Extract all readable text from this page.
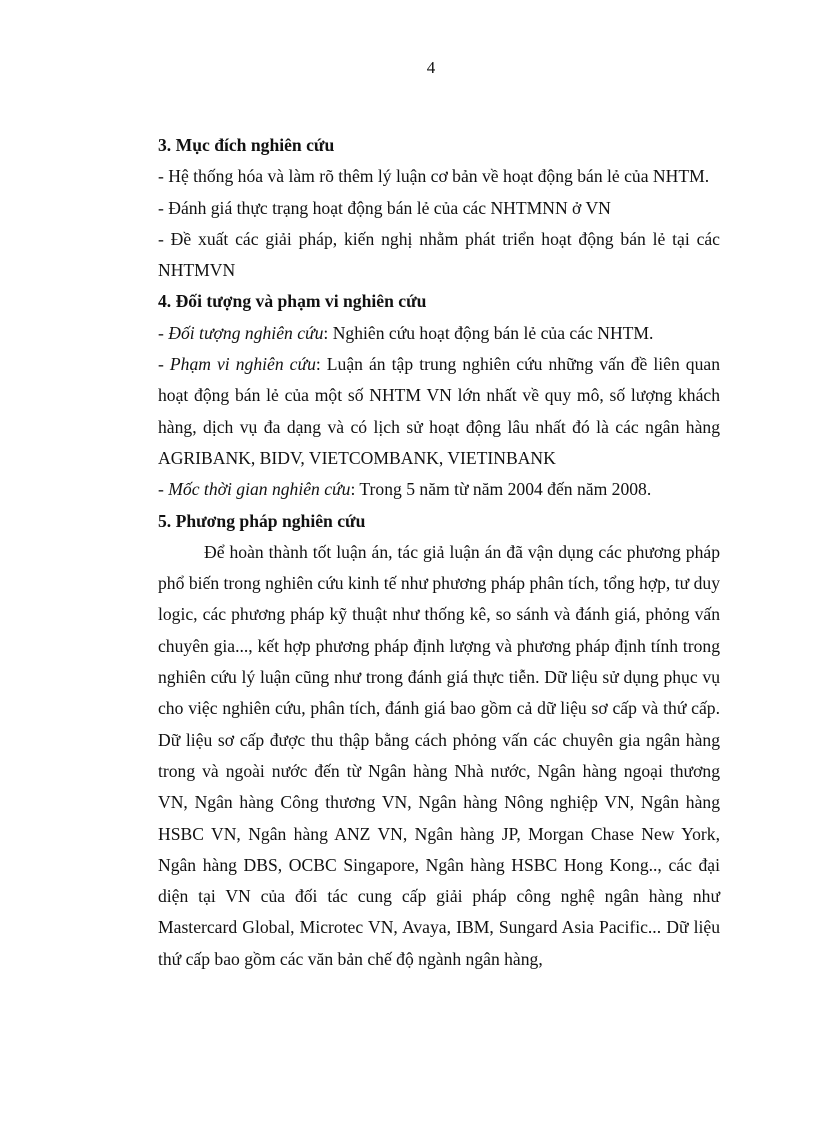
4

3. Mục đích nghiên cứu

- Hệ thống hóa và làm rõ thêm lý luận cơ bản về hoạt động bán lẻ của NHTM.

- Đánh giá thực trạng hoạt động bán lẻ của các NHTMNN ở VN

- Đề xuất các giải pháp, kiến nghị nhằm phát triển hoạt động bán lẻ tại các NHTMVN

4. Đối tượng và phạm vi nghiên cứu

- Đối tượng nghiên cứu: Nghiên cứu hoạt động bán lẻ của các NHTM.

- Phạm vi nghiên cứu: Luận án tập trung nghiên cứu những vấn đề liên quan hoạt động bán lẻ của một số NHTM VN lớn nhất về quy mô, số lượng khách hàng, dịch vụ đa dạng và có lịch sử hoạt động lâu nhất đó là các ngân hàng AGRIBANK, BIDV, VIETCOMBANK, VIETINBANK

- Mốc thời gian nghiên cứu: Trong 5 năm từ năm 2004 đến năm 2008.

5. Phương pháp nghiên cứu

Để hoàn thành tốt luận án, tác giả luận án đã vận dụng các phương pháp phổ biến trong nghiên cứu kinh tế như phương pháp phân tích, tổng hợp, tư duy logic, các phương pháp kỹ thuật như thống kê, so sánh và đánh giá, phỏng vấn chuyên gia..., kết hợp phương pháp định lượng và phương pháp định tính trong nghiên cứu lý luận cũng như trong đánh giá thực tiễn. Dữ liệu sử dụng phục vụ cho việc nghiên cứu, phân tích, đánh giá bao gồm cả dữ liệu sơ cấp và thứ cấp. Dữ liệu sơ cấp được thu thập bằng cách phỏng vấn các chuyên gia ngân hàng trong và ngoài nước đến từ Ngân hàng Nhà nước, Ngân hàng ngoại thương VN, Ngân hàng Công thương VN, Ngân hàng Nông nghiệp VN, Ngân hàng HSBC VN, Ngân hàng ANZ VN, Ngân hàng JP, Morgan Chase New York, Ngân hàng DBS, OCBC Singapore, Ngân hàng HSBC Hong Kong.., các đại diện tại VN của đối tác cung cấp giải pháp công nghệ ngân hàng như Mastercard Global, Microtec VN, Avaya, IBM, Sungard Asia Pacific... Dữ liệu thứ cấp bao gồm các văn bản chế độ ngành ngân hàng,
